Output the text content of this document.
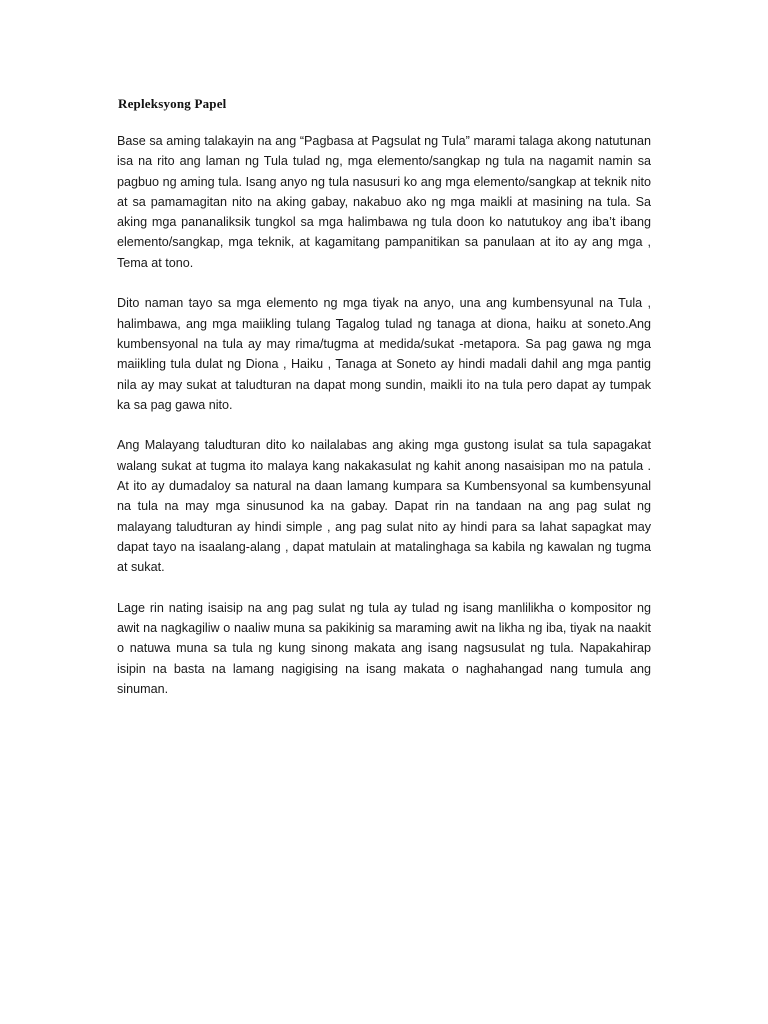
Repleksyong Papel

Base sa aming talakayin na ang “Pagbasa at Pagsulat ng Tula” marami talaga akong natutunan isa na rito ang laman ng Tula tulad ng, mga elemento/sangkap ng tula na nagamit namin sa pagbuo ng aming tula. Isang anyo ng tula nasusuri ko ang mga elemento/sangkap at teknik nito at sa pamamagitan nito na aking gabay, nakabuo ako ng mga maikli at masining na tula. Sa aking mga pananaliksik tungkol sa mga halimbawa ng tula doon ko natutukoy ang iba’t ibang elemento/sangkap, mga teknik, at kagamitang pampanitikan sa panulaan at ito ay ang mga , Tema at tono.

Dito naman tayo sa mga elemento ng mga tiyak na anyo, una ang kumbensyunal na Tula , halimbawa, ang mga maiikling tulang Tagalog tulad ng tanaga at diona, haiku at soneto.Ang kumbensyonal na tula ay may rima/tugma at medida/sukat -metapora. Sa pag gawa ng mga maiikling tula dulat ng Diona , Haiku , Tanaga at Soneto ay hindi madali dahil ang mga pantig nila ay may sukat at taludturan na dapat mong sundin, maikli ito na tula pero dapat ay tumpak ka sa pag gawa nito.

Ang Malayang taludturan dito ko nailalabas ang aking mga gustong isulat sa tula sapagakat walang sukat at tugma ito malaya kang nakakasulat ng kahit anong nasaisipan mo na patula . At ito ay dumadaloy sa natural na daan lamang kumpara sa Kumbensyonal sa kumbensyunal na tula na may mga sinusunod ka na gabay. Dapat rin na tandaan na ang pag sulat ng malayang taludturan ay hindi simple , ang pag sulat nito ay hindi para sa lahat sapagkat may dapat tayo na isaalang-alang , dapat matulain at matalinghaga sa kabila ng kawalan ng tugma at sukat.

Lage rin nating isaisip na ang pag sulat ng tula ay tulad ng isang manlilikha o kompositor ng awit na nagkagiliw o naaliw muna sa pakikinig sa maraming awit na likha ng iba, tiyak na naakit o natuwa muna sa tula ng kung sinong makata ang isang nagsusulat ng tula. Napakahirap isipin na basta na lamang nagigising na isang makata o naghahangad nang tumula ang sinuman.
